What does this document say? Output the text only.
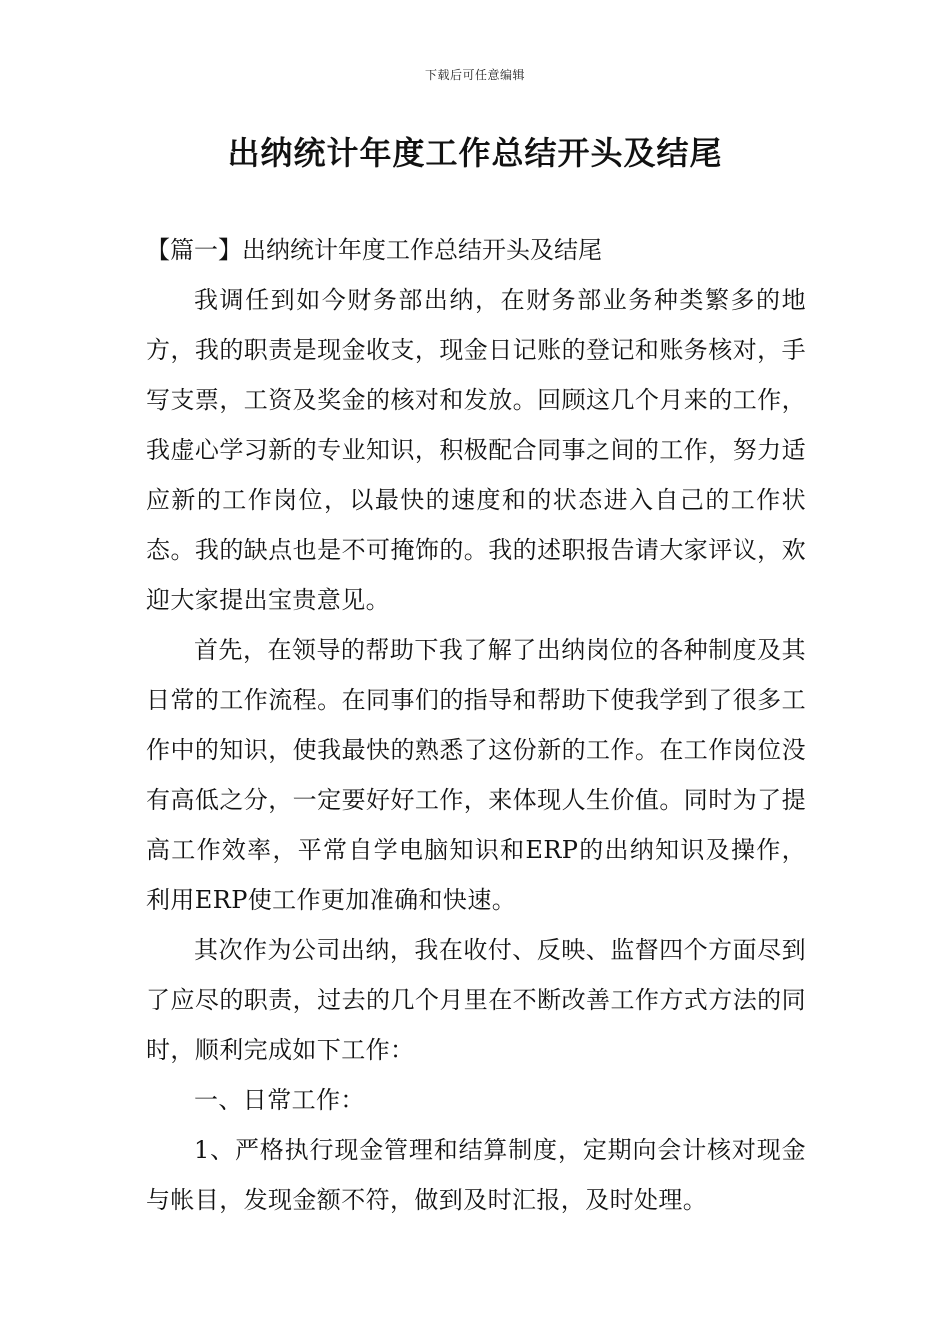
下载后可任意编辑
出纳统计年度工作总结开头及结尾

【篇一】出纳统计年度工作总结开头及结尾

我调任到如今财务部出纳，在财务部业务种类繁多的地方，我的职责是现金收支，现金日记账的登记和账务核对，手写支票，工资及奖金的核对和发放。回顾这几个月来的工作，我虚心学习新的专业知识，积极配合同事之间的工作，努力适应新的工作岗位，以最快的速度和的状态进入自己的工作状态。我的缺点也是不可掩饰的。我的述职报告请大家评议，欢迎大家提出宝贵意见。

首先，在领导的帮助下我了解了出纳岗位的各种制度及其日常的工作流程。在同事们的指导和帮助下使我学到了很多工作中的知识，使我最快的熟悉了这份新的工作。在工作岗位没有高低之分，一定要好好工作，来体现人生价值。同时为了提高工作效率，平常自学电脑知识和ERP的出纳知识及操作，利用ERP使工作更加准确和快速。

其次作为公司出纳，我在收付、反映、监督四个方面尽到了应尽的职责，过去的几个月里在不断改善工作方式方法的同时，顺利完成如下工作：

一、日常工作：

1、严格执行现金管理和结算制度，定期向会计核对现金与帐目，发现金额不符，做到及时汇报，及时处理。
